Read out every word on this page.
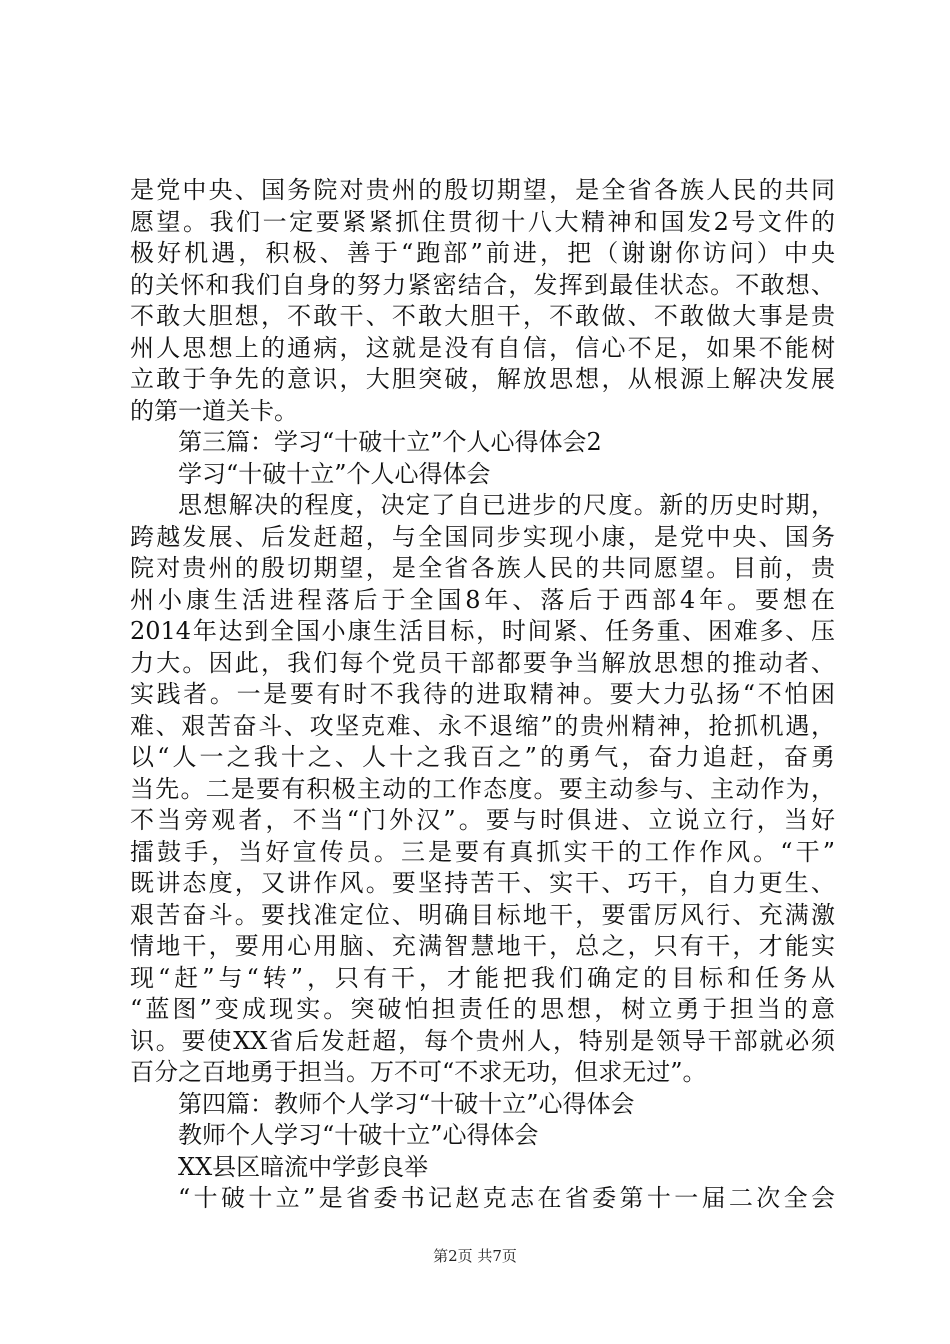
是党中央、国务院对贵州的殷切期望，是全省各族人民的共同
愿望。我们一定要紧紧抓住贯彻十八大精神和国发2号文件的
极好机遇，积极、善于“跑部”前进，把（谢谢你访问）中央
的关怀和我们自身的努力紧密结合，发挥到最佳状态。不敢想、
不敢大胆想，不敢干、不敢大胆干，不敢做、不敢做大事是贵
州人思想上的通病，这就是没有自信，信心不足，如果不能树
立敢于争先的意识，大胆突破，解放思想，从根源上解决发展
的第一道关卡。
第三篇：学习“十破十立”个人心得体会2
学习“十破十立”个人心得体会
思想解决的程度，决定了自已进步的尺度。新的历史时期，
跨越发展、后发赶超，与全国同步实现小康，是党中央、国务
院对贵州的殷切期望，是全省各族人民的共同愿望。目前，贵
州小康生活进程落后于全国8年、落后于西部4年。要想在
2014年达到全国小康生活目标，时间紧、任务重、困难多、压
力大。因此，我们每个党员干部都要争当解放思想的推动者、
实践者。一是要有时不我待的进取精神。要大力弘扬“不怕困
难、艰苦奋斗、攻坚克难、永不退缩”的贵州精神，抢抓机遇，
以“人一之我十之、人十之我百之”的勇气，奋力追赶，奋勇
当先。二是要有积极主动的工作态度。要主动参与、主动作为，
不当旁观者，不当“门外汉”。要与时俱进、立说立行，当好
擂鼓手，当好宣传员。三是要有真抓实干的工作作风。“干”
既讲态度，又讲作风。要坚持苦干、实干、巧干，自力更生、
艰苦奋斗。要找准定位、明确目标地干，要雷厉风行、充满激
情地干，要用心用脑、充满智慧地干，总之，只有干，才能实
现“赶”与“转”，只有干，才能把我们确定的目标和任务从
“蓝图”变成现实。突破怕担责任的思想，树立勇于担当的意
识。要使XX省后发赶超，每个贵州人，特别是领导干部就必须
百分之百地勇于担当。万不可“不求无功，但求无过”。
第四篇：教师个人学习“十破十立”心得体会
教师个人学习“十破十立”心得体会
XX县区暗流中学彭良举
“十破十立”是省委书记赵克志在省委第十一届二次全会
第2页 共7页
